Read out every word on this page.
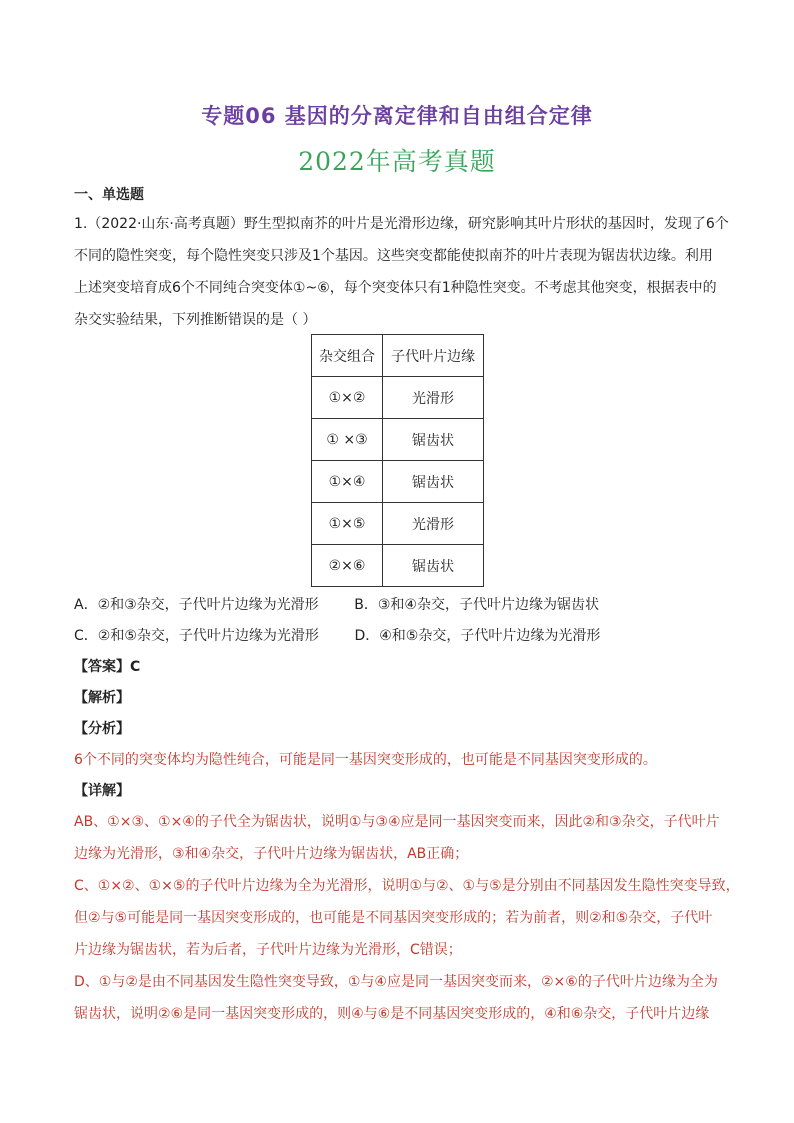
专题06 基因的分离定律和自由组合定律
2022年高考真题
一、单选题
1.（2022·山东·高考真题）野生型拟南芥的叶片是光滑形边缘，研究影响其叶片形状的基因时，发现了6个
不同的隐性突变，每个隐性突变只涉及1个基因。这些突变都能使拟南芥的叶片表现为锯齿状边缘。利用
上述突变培育成6个不同纯合突变体①~⑥，每个突变体只有1种隐性突变。不考虑其他突变，根据表中的
杂交实验结果，下列推断错误的是（ ）
杂交组合	子代叶片边缘
①×②	光滑形
① ×③	锯齿状
①×④	锯齿状
①×⑤	光滑形
②×⑥	锯齿状
A．②和③杂交，子代叶片边缘为光滑形        B．③和④杂交，子代叶片边缘为锯齿状
C．②和⑤杂交，子代叶片边缘为光滑形        D．④和⑤杂交，子代叶片边缘为光滑形
【答案】C
【解析】
【分析】
6个不同的突变体均为隐性纯合，可能是同一基因突变形成的，也可能是不同基因突变形成的。
【详解】
AB、①×③、①×④的子代全为锯齿状，说明①与③④应是同一基因突变而来，因此②和③杂交，子代叶片
边缘为光滑形，③和④杂交，子代叶片边缘为锯齿状，AB正确；
C、①×②、①×⑤的子代叶片边缘为全为光滑形，说明①与②、①与⑤是分别由不同基因发生隐性突变导致，
但②与⑤可能是同一基因突变形成的，也可能是不同基因突变形成的；若为前者，则②和⑤杂交，子代叶
片边缘为锯齿状，若为后者，子代叶片边缘为光滑形，C错误；
D、①与②是由不同基因发生隐性突变导致，①与④应是同一基因突变而来，②×⑥的子代叶片边缘为全为
锯齿状，说明②⑥是同一基因突变形成的，则④与⑥是不同基因突变形成的，④和⑥杂交，子代叶片边缘
